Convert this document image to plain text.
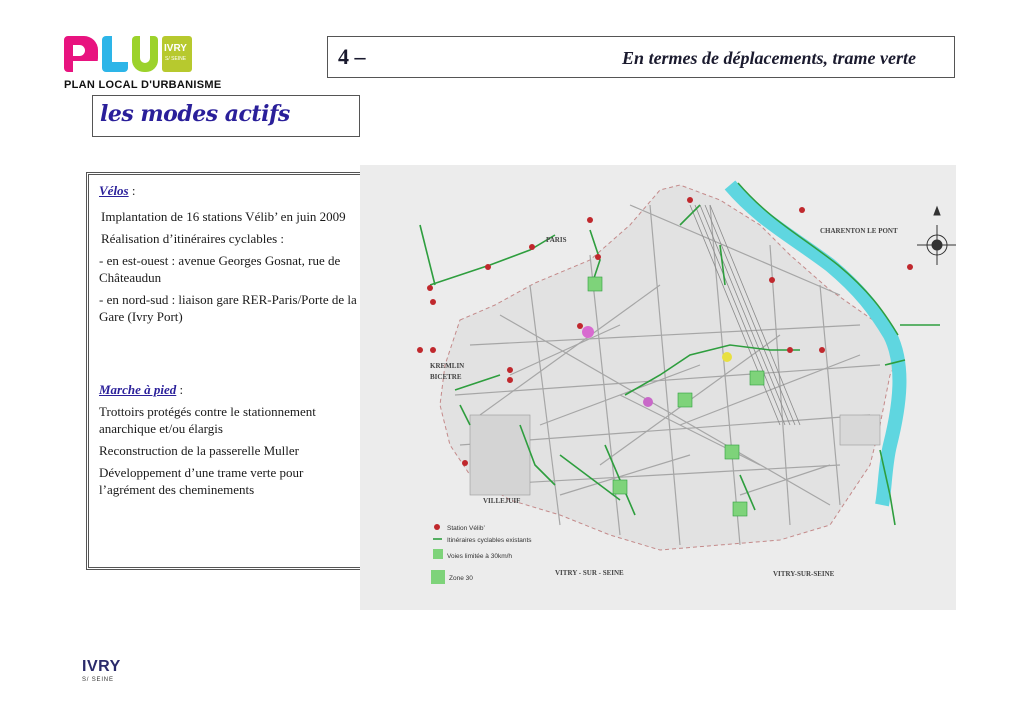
IVRY
S/ SEINE
PLAN LOCAL D'URBANISME
4 –	En termes de déplacements, trame verte
les modes actifs

Vélos :

Implantation de 16 stations Vélib’ en juin 2009

Réalisation d’itinéraires cyclables :

- en est-ouest : avenue Georges Gosnat, rue de Châteaudun

- en nord-sud : liaison gare RER-Paris/Porte de la Gare (Ivry Port)

Marche à pied :

Trottoirs protégés contre le stationnement anarchique et/ou élargis

Reconstruction de la passerelle Muller

Développement d’une trame verte pour l’agrément des cheminements

PARIS
CHARENTON LE PONT
KREMLIN
BICETRE
VILLEJUIF
VITRY - SUR - SEINE	VITRY-SUR-SEINE
Station Vélib’
Itinéraires cyclables existants
Voies limitée à 30km/h
Zone 30
IVRY
S/ SEINE
